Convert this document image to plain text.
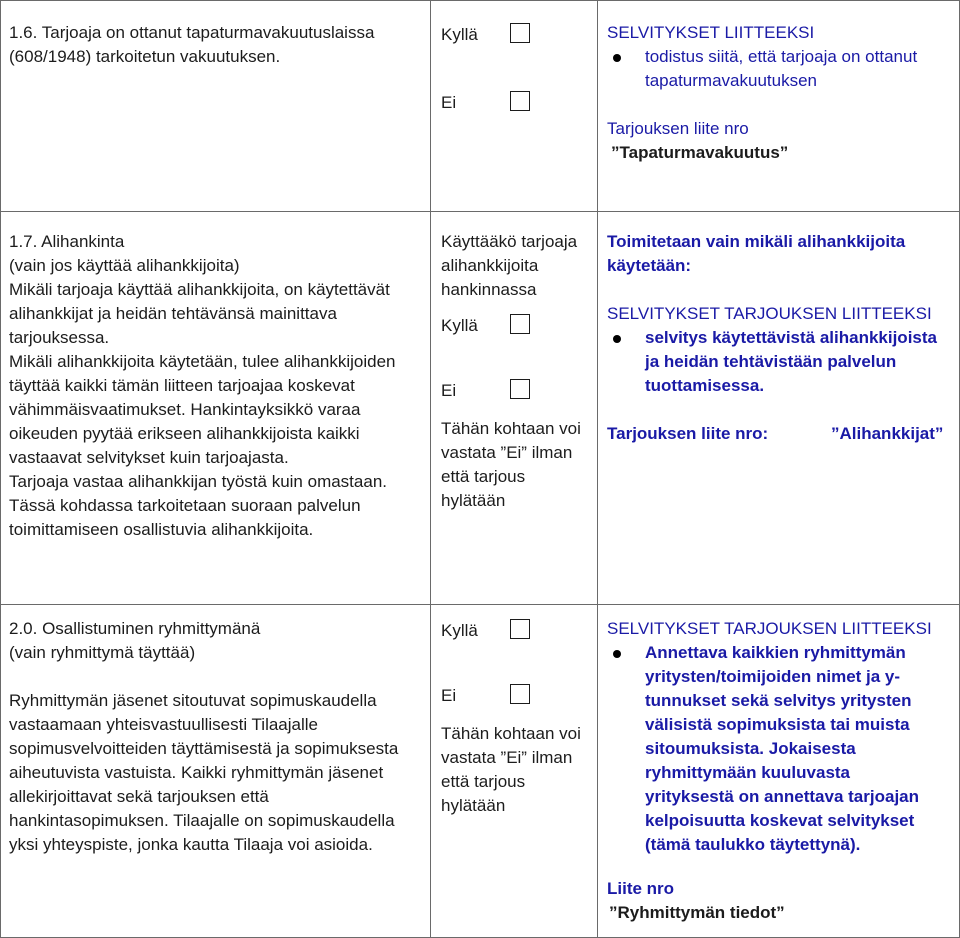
1.6. Tarjoaja on ottanut tapaturmavakuutuslaissa
(608/1948) tarkoitetun vakuutuksen.
Kyllä
Ei
SELVITYKSET LIITTEEKSI
todistus siitä, että tarjoaja on ottanut
tapaturmavakuutuksen
Tarjouksen liite nro
”Tapaturmavakuutus”
1.7. Alihankinta
(vain jos käyttää alihankkijoita)
Mikäli tarjoaja käyttää alihankkijoita, on käytettävät
alihankkijat ja heidän tehtävänsä mainittava
tarjouksessa.
Mikäli alihankkijoita käytetään, tulee alihankkijoiden
täyttää kaikki tämän liitteen tarjoajaa koskevat
vähimmäisvaatimukset. Hankintayksikkö varaa
oikeuden pyytää erikseen alihankkijoista kaikki
vastaavat selvitykset kuin tarjoajasta.
Tarjoaja vastaa alihankkijan työstä kuin omastaan.
Tässä kohdassa tarkoitetaan suoraan palvelun
toimittamiseen osallistuvia alihankkijoita.
Käyttääkö tarjoaja
alihankkijoita
hankinnassa
Kyllä
Ei
Tähän kohtaan voi
vastata ”Ei” ilman
että tarjous
hylätään
Toimitetaan vain mikäli alihankkijoita
käytetään:
SELVITYKSET TARJOUKSEN LIITTEEKSI
selvitys käytettävistä alihankkijoista
ja heidän tehtävistään palvelun
tuottamisessa.
Tarjouksen liite nro:	”Alihankkijat”
2.0. Osallistuminen ryhmittymänä
(vain ryhmittymä täyttää)
Ryhmittymän jäsenet sitoutuvat sopimuskaudella
vastaamaan yhteisvastuullisesti Tilaajalle
sopimusvelvoitteiden täyttämisestä ja sopimuksesta
aiheutuvista vastuista. Kaikki ryhmittymän jäsenet
allekirjoittavat sekä tarjouksen että
hankintasopimuksen. Tilaajalle on sopimuskaudella
yksi yhteyspiste, jonka kautta Tilaaja voi asioida.
Kyllä
Ei
Tähän kohtaan voi
vastata ”Ei” ilman
että tarjous
hylätään
SELVITYKSET TARJOUKSEN LIITTEEKSI
Annettava kaikkien ryhmittymän
yritysten/toimijoiden nimet ja y-
tunnukset sekä selvitys yritysten
välisistä sopimuksista tai muista
sitoumuksista. Jokaisesta
ryhmittymään kuuluvasta
yrityksestä on annettava tarjoajan
kelpoisuutta koskevat selvitykset
(tämä taulukko täytettynä).
Liite nro
”Ryhmittymän tiedot”
